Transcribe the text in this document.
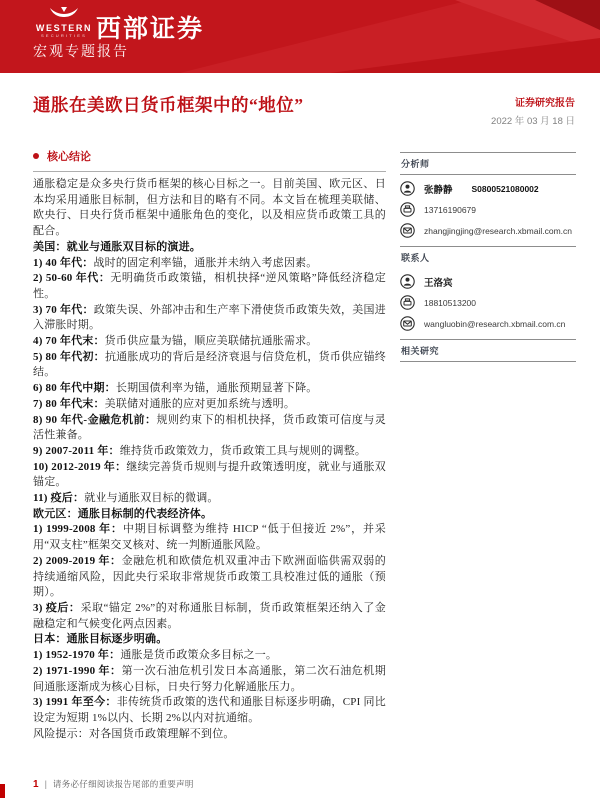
WESTERN
SECURITIES 西部证券
宏观专题报告
通胀在美欧日货币框架中的“地位”	证券研究报告
2022 年 03 月 18 日
核心结论

通胀稳定是众多央行货币框架的核心目标之一。目前美国、欧元区、日本均采用通胀目标制，但方法和目的略有不同。本文旨在梳理美联储、欧央行、日央行货币框架中通胀角色的变化，以及相应货币政策工具的配合。

美国：就业与通胀双目标的演进。

1) 40 年代：战时的固定利率锚，通胀并未纳入考虑因素。

2) 50-60 年代：无明确货币政策锚，相机抉择“逆风策略”降低经济稳定性。

3) 70 年代：政策失误、外部冲击和生产率下滑使货币政策失效，美国进入滞胀时期。

4) 70 年代末：货币供应量为锚，顺应美联储抗通胀需求。

5) 80 年代初：抗通胀成功的背后是经济衰退与信贷危机，货币供应锚终结。

6) 80 年代中期：长期国债利率为锚，通胀预期显著下降。

7) 80 年代末：美联储对通胀的应对更加系统与透明。

8) 90 年代-金融危机前：规则约束下的相机抉择，货币政策可信度与灵活性兼备。

9) 2007-2011 年：维持货币政策效力，货币政策工具与规则的调整。

10) 2012-2019 年：继续完善货币规则与提升政策透明度，就业与通胀双锚定。

11) 疫后：就业与通胀双目标的微调。

欧元区：通胀目标制的代表经济体。

1) 1999-2008 年：中期目标调整为维持 HICP “低于但接近 2%”，并采用“双支柱”框架交叉核对、统一判断通胀风险。

2) 2009-2019 年：金融危机和欧债危机双重冲击下欧洲面临供需双弱的持续通缩风险，因此央行采取非常规货币政策工具校准过低的通胀（预期）。

3) 疫后：采取“锚定 2%”的对称通胀目标制，货币政策框架还纳入了金融稳定和气候变化两点因素。

日本：通胀目标逐步明确。

1) 1952-1970 年：通胀是货币政策众多目标之一。

2) 1971-1990 年：第一次石油危机引发日本高通胀，第二次石油危机期间通胀逐渐成为核心目标，日央行努力化解通胀压力。

3) 1991 年至今：非传统货币政策的迭代和通胀目标逐步明确，CPI 同比设定为短期 1%以内、长期 2%以内对抗通缩。

风险提示：对各国货币政策理解不到位。

分析师
张静静 S0800521080002
13716190679
zhangjingjing@research.xbmail.com.cn
联系人
王洛宾
18810513200
wangluobin@research.xbmail.com.cn
相关研究
1 | 请务必仔细阅读报告尾部的重要声明
